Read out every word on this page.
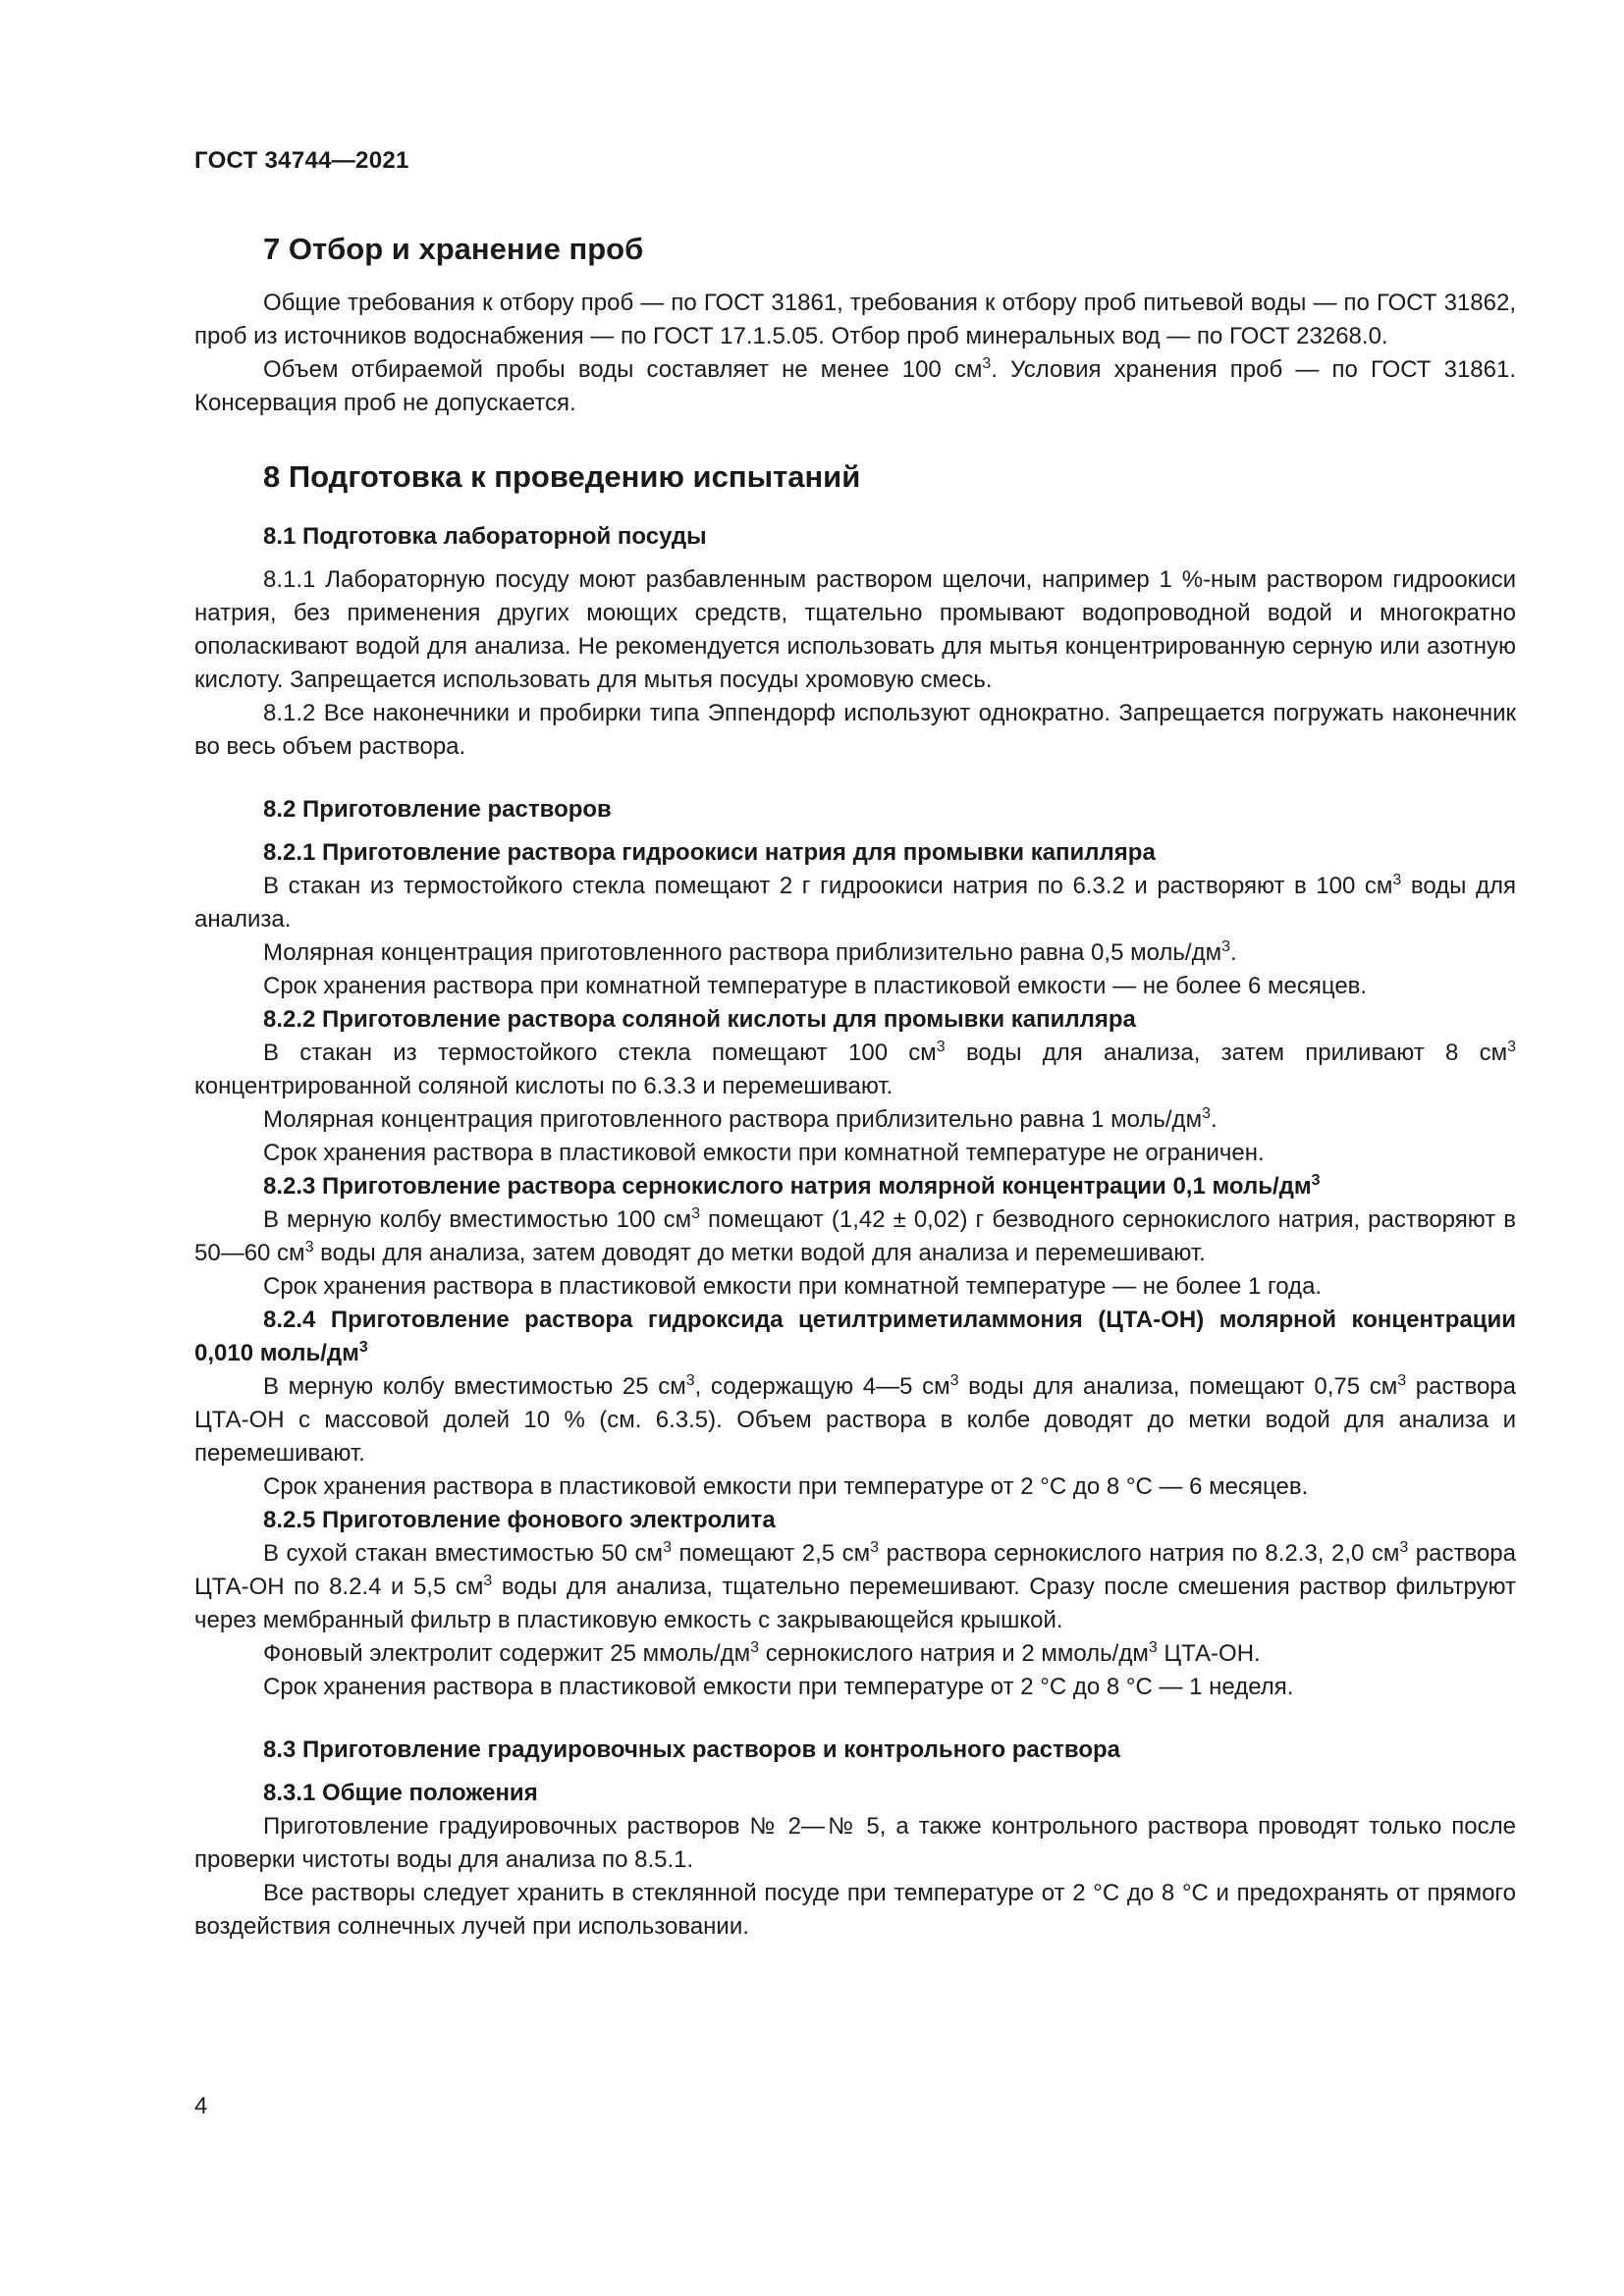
ГОСТ 34744—2021
7 Отбор и хранение проб

Общие требования к отбору проб — по ГОСТ 31861, требования к отбору проб питьевой воды — по ГОСТ 31862, проб из источников водоснабжения — по ГОСТ 17.1.5.05. Отбор проб минеральных вод — по ГОСТ 23268.0.

Объем отбираемой пробы воды составляет не менее 100 $см^3$. Условия хранения проб — по ГОСТ 31861. Консервация проб не допускается.

8 Подготовка к проведению испытаний
8.1 Подготовка лабораторной посуды

8.1.1 Лабораторную посуду моют разбавленным раствором щелочи, например 1 %-ным раствором гидроокиси натрия, без применения других моющих средств, тщательно промывают водопроводной водой и многократно ополаскивают водой для анализа. Не рекомендуется использовать для мытья концентрированную серную или азотную кислоту. Запрещается использовать для мытья посуды хромовую смесь.

8.1.2 Все наконечники и пробирки типа Эппендорф используют однократно. Запрещается погружать наконечник во весь объем раствора.

8.2 Приготовление растворов

8.2.1 Приготовление раствора гидроокиси натрия для промывки капилляра

В стакан из термостойкого стекла помещают 2 г гидроокиси натрия по 6.3.2 и растворяют в 100 $см^3$ воды для анализа.

Молярная концентрация приготовленного раствора приблизительно равна 0,5 моль/$дм^3$.

Срок хранения раствора при комнатной температуре в пластиковой емкости — не более 6 месяцев.

8.2.2 Приготовление раствора соляной кислоты для промывки капилляра

В стакан из термостойкого стекла помещают 100 $см^3$ воды для анализа, затем приливают 8 $см^3$ концентрированной соляной кислоты по 6.3.3 и перемешивают.

Молярная концентрация приготовленного раствора приблизительно равна 1 моль/$дм^3$.

Срок хранения раствора в пластиковой емкости при комнатной температуре не ограничен.

8.2.3 Приготовление раствора сернокислого натрия молярной концентрации 0,1 моль/$дм^3$

В мерную колбу вместимостью 100 $см^3$ помещают (1,42 ± 0,02) г безводного сернокислого натрия, растворяют в 50—60 $см^3$ воды для анализа, затем доводят до метки водой для анализа и перемешивают.

Срок хранения раствора в пластиковой емкости при комнатной температуре — не более 1 года.

8.2.4 Приготовление раствора гидроксида цетилтриметиламмония (ЦТА-ОН) молярной концентрации 0,010 моль/$дм^3$

В мерную колбу вместимостью 25 $см^3$, содержащую 4—5 $см^3$ воды для анализа, помещают 0,75 $см^3$ раствора ЦТА-ОН с массовой долей 10 % (см. 6.3.5). Объем раствора в колбе доводят до метки водой для анализа и перемешивают.

Срок хранения раствора в пластиковой емкости при температуре от 2 °С до 8 °С — 6 месяцев.

8.2.5 Приготовление фонового электролита

В сухой стакан вместимостью 50 $см^3$ помещают 2,5 $см^3$ раствора сернокислого натрия по 8.2.3, 2,0 $см^3$ раствора ЦТА-ОН по 8.2.4 и 5,5 $см^3$ воды для анализа, тщательно перемешивают. Сразу после смешения раствор фильтруют через мембранный фильтр в пластиковую емкость с закрывающейся крышкой.

Фоновый электролит содержит 25 ммоль/$дм^3$ сернокислого натрия и 2 ммоль/$дм^3$ ЦТА-ОН.

Срок хранения раствора в пластиковой емкости при температуре от 2 °С до 8 °С — 1 неделя.

8.3 Приготовление градуировочных растворов и контрольного раствора

8.3.1 Общие положения

Приготовление градуировочных растворов № 2—№ 5, а также контрольного раствора проводят только после проверки чистоты воды для анализа по 8.5.1.

Все растворы следует хранить в стеклянной посуде при температуре от 2 °С до 8 °С и предохранять от прямого воздействия солнечных лучей при использовании.

4
